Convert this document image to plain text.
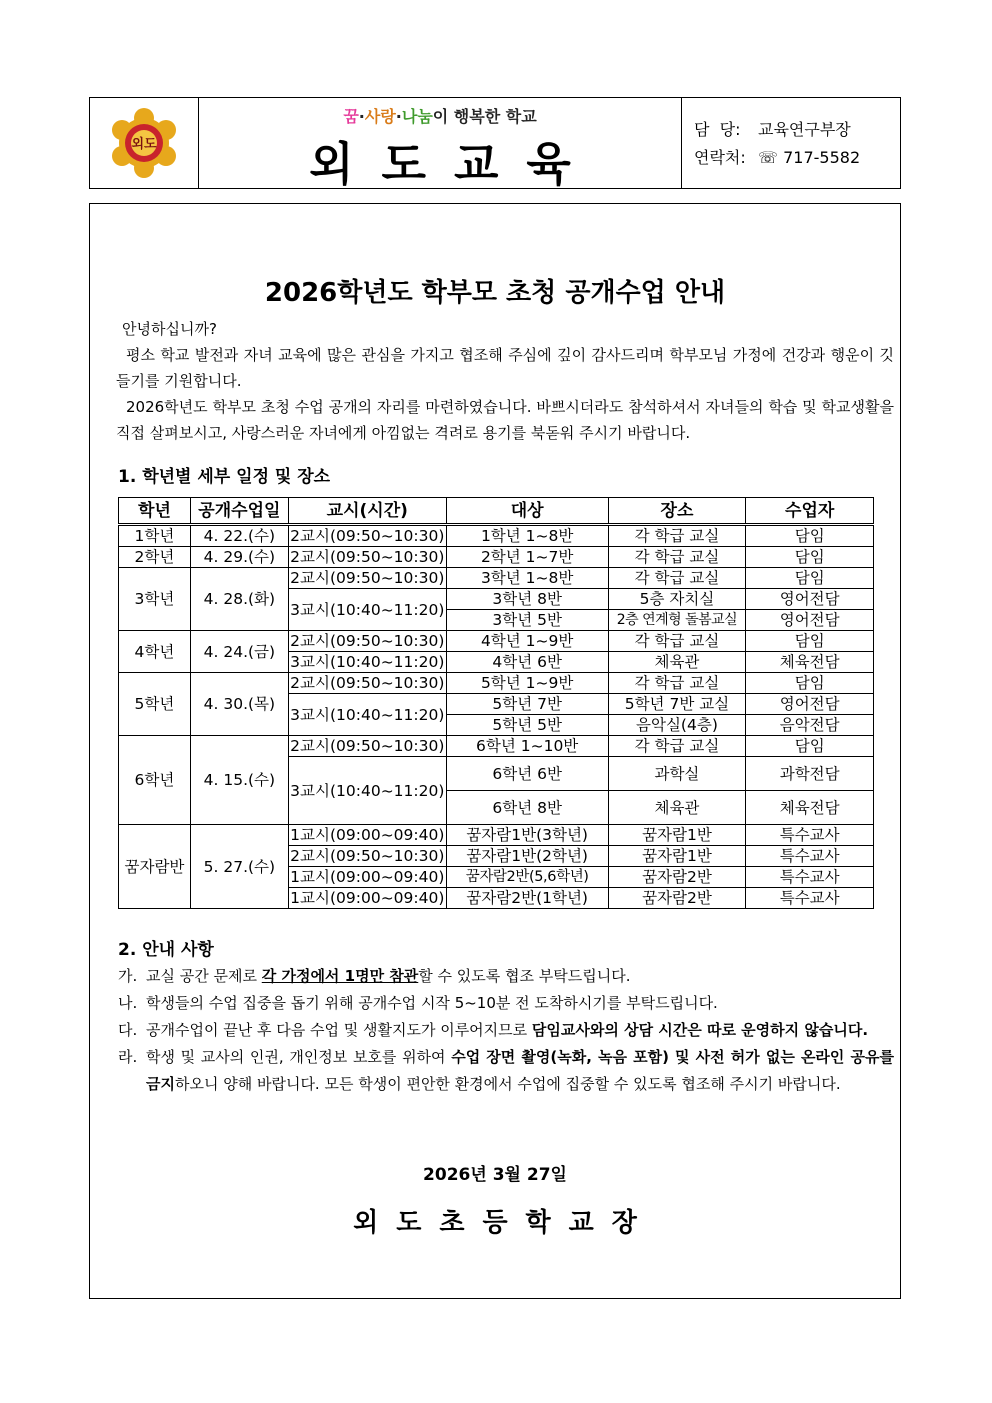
외도
꿈·사랑·나눔이 행복한 학교
외도교육
담  당: 교육연구부장
연락처: ☏ 717-5582
2026학년도 학부모 초청 공개수업 안내
안녕하십니까?
평소 학교 발전과 자녀 교육에 많은 관심을 가지고 협조해 주심에 깊이 감사드리며 학부모님 가정에 건강과 행운이 깃들기를 기원합니다.
2026학년도 학부모 초청 수업 공개의 자리를 마련하였습니다. 바쁘시더라도 참석하셔서 자녀들의 학습 및 학교생활을 직접 살펴보시고, 사랑스러운 자녀에게 아낌없는 격려로 용기를 북돋워 주시기 바랍니다.
1. 학년별 세부 일정 및 장소
학년	공개수업일	교시(시간)	대상	장소	수업자
1학년	4. 22.(수)	2교시(09:50~10:30)	1학년 1~8반	각 학급 교실	담임
2학년	4. 29.(수)	2교시(09:50~10:30)	2학년 1~7반	각 학급 교실	담임
3학년	4. 28.(화)	2교시(09:50~10:30)	3학년 1~8반	각 학급 교실	담임
		3교시(10:40~11:20)	3학년 8반	5층 자치실	영어전담
			3학년 5반	2층 연계형 돌봄교실	영어전담
4학년	4. 24.(금)	2교시(09:50~10:30)	4학년 1~9반	각 학급 교실	담임
		3교시(10:40~11:20)	4학년 6반	체육관	체육전담
5학년	4. 30.(목)	2교시(09:50~10:30)	5학년 1~9반	각 학급 교실	담임
		3교시(10:40~11:20)	5학년 7반	5학년 7반 교실	영어전담
			5학년 5반	음악실(4층)	음악전담
6학년	4. 15.(수)	2교시(09:50~10:30)	6학년 1~10반	각 학급 교실	담임
		3교시(10:40~11:20)	6학년 6반	과학실	과학전담
			6학년 8반	체육관	체육전담
꿈자람반	5. 27.(수)	1교시(09:00~09:40)	꿈자람1반(3학년)	꿈자람1반	특수교사
		2교시(09:50~10:30)	꿈자람1반(2학년)	꿈자람1반	특수교사
		1교시(09:00~09:40)	꿈자람2반(5,6학년)	꿈자람2반	특수교사
		1교시(09:00~09:40)	꿈자람2반(1학년)	꿈자람2반	특수교사
2. 안내 사항
가. 교실 공간 문제로 각 가정에서 1명만 참관할 수 있도록 협조 부탁드립니다.
나. 학생들의 수업 집중을 돕기 위해 공개수업 시작 5~10분 전 도착하시기를 부탁드립니다.
다. 공개수업이 끝난 후 다음 수업 및 생활지도가 이루어지므로 담임교사와의 상담 시간은 따로 운영하지 않습니다.
라. 학생 및 교사의 인권, 개인정보 보호를 위하여 수업 장면 촬영(녹화, 녹음 포함) 및 사전 허가 없는 온라인 공유를 금지하오니 양해 바랍니다. 모든 학생이 편안한 환경에서 수업에 집중할 수 있도록 협조해 주시기 바랍니다.
2026년 3월 27일
외도초등학교장
